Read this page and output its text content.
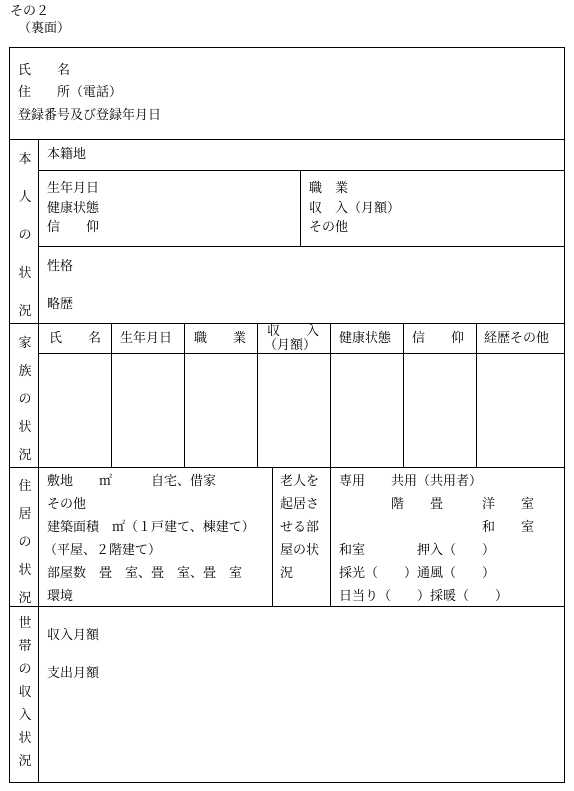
その２
（裏面）
氏　　名
住　　所（電話）
登録番号及び登録年月日
本
人
の
状
況
本籍地
生年月日
健康状態
信　　仰
職　業
収　入（月額）
その他
性格
略歴
家
族
の
状
況
氏　　名 生年月日 職　　業 収　　入
（月額） 健康状態 信　　仰 経歴その他
住
居
の
状
況
敷地　　㎡　　　自宅、借家
その他
建築面積　㎡（１戸建て、棟建て）
（平屋、２階建て）
部屋数　畳　室、畳　室、畳　室
環境
老人を
起居さ
せる部
屋の状
況
専用　　共用（共用者）
　　　　階　　畳　　　洋　　室
　　　　　　　　　　　和　　室
和室　　　　押入（　　）
採光（　　）通風（　　）
日当り（　　）採暖（　　）
世
帯
の
収
入
状
況
収入月額
支出月額
